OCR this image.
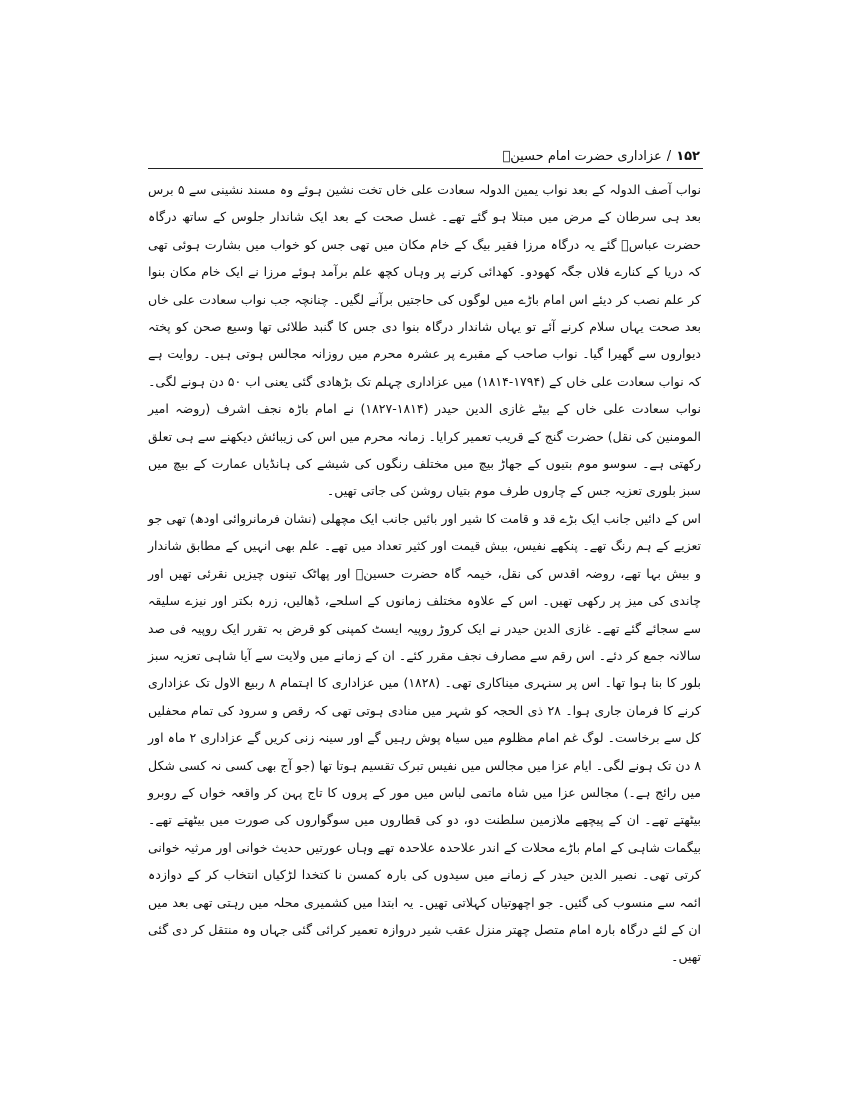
۱۵۲
/
عزاداری حضرت امام حسینؑ

نواب آصف الدولہ کے بعد نواب یمین الدولہ سعادت علی خاں تخت نشین ہوئے وہ مسند نشینی سے ۵ برس بعد ہی سرطان کے مرض میں مبتلا ہو گئے تھے۔ غسل صحت کے بعد ایک شاندار جلوس کے ساتھ درگاہ حضرت عباسؑ گئے یہ درگاہ مرزا فقیر بیگ کے خام مکان میں تھی جس کو خواب میں بشارت ہوئی تھی کہ دریا کے کنارے فلاں جگہ کھودو۔ کھدائی کرنے پر وہاں کچھ علم برآمد ہوئے مرزا نے ایک خام مکان بنوا کر علم نصب کر دیئے اس امام باڑے میں لوگوں کی حاجتیں برآنے لگیں۔ چنانچہ جب نواب سعادت علی خاں بعد صحت یہاں سلام کرنے آئے تو یہاں شاندار درگاہ بنوا دی جس کا گنبد طلائی تھا وسیع صحن کو پختہ دیواروں سے گھیرا گیا۔ نواب صاحب کے مقبرے پر عشرہ محرم میں روزانہ مجالس ہوتی ہیں۔ روایت ہے کہ نواب سعادت علی خاں کے (۱۷۹۴-۱۸۱۴) میں عزاداری چہلم تک بڑھادی گئی یعنی اب ۵۰ دن ہونے لگی۔

نواب سعادت علی خاں کے بیٹے غازی الدین حیدر (۱۸۱۴-۱۸۲۷) نے امام باڑہ نجف اشرف (روضہ امیر المومنین کی نقل) حضرت گنج کے قریب تعمیر کرایا۔ زمانہ محرم میں اس کی زیبائش دیکھنے سے ہی تعلق رکھتی ہے۔ سوسو موم بتیوں کے جھاڑ بیچ میں مختلف رنگوں کی شیشے کی ہانڈیاں عمارت کے بیچ میں سبز بلوری تعزیہ جس کے چاروں طرف موم بتیاں روشن کی جاتی تھیں۔

اس کے دائیں جانب ایک بڑے قد و قامت کا شیر اور بائیں جانب ایک مچھلی (نشان فرمانروائی اودھ) تھی جو تعزیے کے ہم رنگ تھے۔ پنکھے نفیس، بیش قیمت اور کثیر تعداد میں تھے۔ علم بھی انہیں کے مطابق شاندار و بیش بہا تھے، روضہ اقدس کی نقل، خیمہ گاہ حضرت حسینؑ اور پھاٹک تینوں چیزیں نقرئی تھیں اور چاندی کی میز پر رکھی تھیں۔ اس کے علاوہ مختلف زمانوں کے اسلحے، ڈھالیں، زرہ بکتر اور نیزے سلیقہ سے سجائے گئے تھے۔ غازی الدین حیدر نے ایک کروڑ روپیہ ایسٹ کمپنی کو قرض بہ تقرر ایک روپیہ فی صد سالانہ جمع کر دئے۔ اس رقم سے مصارف نجف مقرر کئے۔ ان کے زمانے میں ولایت سے آیا شاہی تعزیہ سبز بلور کا بنا ہوا تھا۔ اس پر سنہری میناکاری تھی۔ (۱۸۲۸) میں عزاداری کا اہتمام ۸ ربیع الاول تک عزاداری کرنے کا فرمان جاری ہوا۔ ۲۸ ذی الحجہ کو شہر میں منادی ہوتی تھی کہ رقص و سرود کی تمام محفلیں کل سے برخاست۔ لوگ غم امام مظلوم میں سیاہ پوش رہیں گے اور سینہ زنی کریں گے عزاداری ۲ ماہ اور ۸ دن تک ہونے لگی۔ ایام عزا میں مجالس میں نفیس تبرک تقسیم ہوتا تھا (جو آج بھی کسی نہ کسی شکل میں رائج ہے۔) مجالس عزا میں شاہ ماتمی لباس میں مور کے پروں کا تاج پہن کر واقعہ خواں کے روبرو بیٹھتے تھے۔ ان کے پیچھے ملازمین سلطنت دو، دو کی قطاروں میں سوگواروں کی صورت میں بیٹھتے تھے۔ بیگمات شاہی کے امام باڑے محلات کے اندر علاحدہ علاحدہ تھے وہاں عورتیں حدیث خوانی اور مرثیہ خوانی کرتی تھی۔ نصیر الدین حیدر کے زمانے میں سیدوں کی بارہ کمسن نا کتخدا لڑکیاں انتخاب کر کے دوازدہ ائمہ سے منسوب کی گئیں۔ جو اچھوتیاں کہلاتی تھیں۔ یہ ابتدا میں کشمیری محلہ میں رہتی تھی بعد میں ان کے لئے درگاہ بارہ امام متصل چھتر منزل عقب شیر دروازہ تعمیر کرائی گئی جہاں وہ منتقل کر دی گئی تھیں۔
